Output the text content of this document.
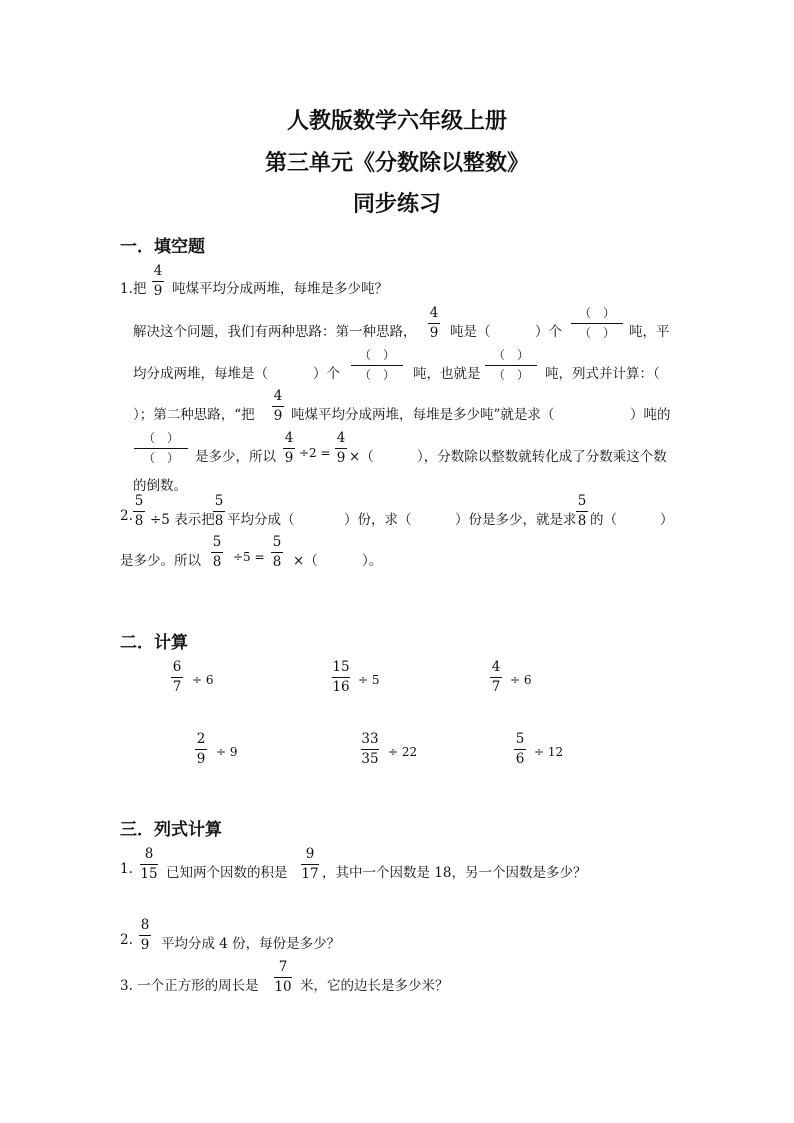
人教版数学六年级上册
第三单元《分数除以整数》
同步练习
一．填空题
1.把
4
9 吨煤平均分成两堆，每堆是多少吨？
解决这个问题，我们有两种思路：第一种思路，
4
9 吨是（	）个
（　）
（　） 吨，平
均分成两堆，每堆是（	）个
（　）
（　） 吨，也就是
（　）
（　） 吨，列式并计算：（
）；第二种思路，“把
4
9 吨煤平均分成两堆，每堆是多少吨”就是求（	）吨的
（　）
（　） 是多少，所以
4
9 ÷2 =
4
9 ×（	），分数除以整数就转化成了分数乘这个数
的倒数。
2.
5
8 ÷5 表示把
5
8 平均分成（	）份，求（	）份是多少，就是求
5
8 的（	）
是多少。所以
5
8 ÷5 =
5
8 ×（	）。
二．计算
6
7 ÷ 6
15
16 ÷ 5
4
7 ÷ 6
2
9 ÷ 9
33
35 ÷ 22
5
6 ÷ 12
三．列式计算
1.
8
15 已知两个因数的积是
9
17 ，其中一个因数是 18，另一个因数是多少？
2.
8
9 平均分成 4 份，每份是多少？
3. 一个正方形的周长是
7
10 米，它的边长是多少米？
